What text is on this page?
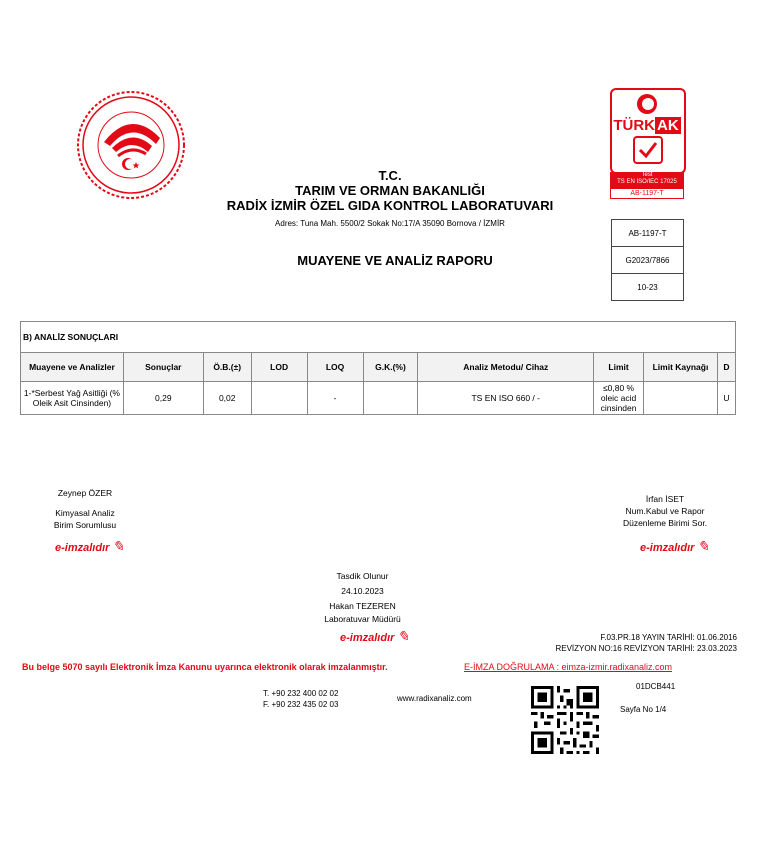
TÜRK AK
Test
TS EN ISO/IEC 17025
AB-1197-T
T.C.
TARIM VE ORMAN BAKANLIĞI
RADİX İZMİR ÖZEL GIDA KONTROL LABORATUVARI
Adres: Tuna Mah. 5500/2 Sokak No:17/A 35090 Bornova / İZMİR
MUAYENE VE ANALİZ RAPORU
AB-1197-T
G2023/7866
10-23
B) ANALİZ SONUÇLARI									
Muayene ve Analizler	Sonuçlar	Ö.B.(±)	LOD	LOQ	G.K.(%)	Analiz Metodu/ Cihaz	Limit	Limit Kaynağı	D
1-*Serbest Yağ Asitliği (% Oleik Asit Cinsinden)	0,29	0,02		-		TS EN ISO 660 / -	≤0,80 % oleic acid cinsinden		U
Zeynep ÖZER
Kimyasal Analiz
Birim Sorumlusu
e-imzalıdır ✎
İrfan İSET
Num.Kabul ve Rapor
Düzenleme Birimi Sor.
e-imzalıdır ✎
Tasdik Olunur
24.10.2023
Hakan TEZEREN
Laboratuvar Müdürü
e-imzalıdır ✎	F.03.PR.18 YAYIN TARİHİ: 01.06.2016
REVİZYON NO:16 REVİZYON TARİHİ: 23.03.2023
Bu belge 5070 sayılı Elektronik İmza Kanunu uyarınca elektronik olarak imzalanmıştır.	E-İMZA DOĞRULAMA : eimza-izmir.radixanaliz.com
01DCB441
T. +90 232 400 02 02
F. +90 232 435 02 03
www.radixanaliz.com
Sayfa No 1/4
